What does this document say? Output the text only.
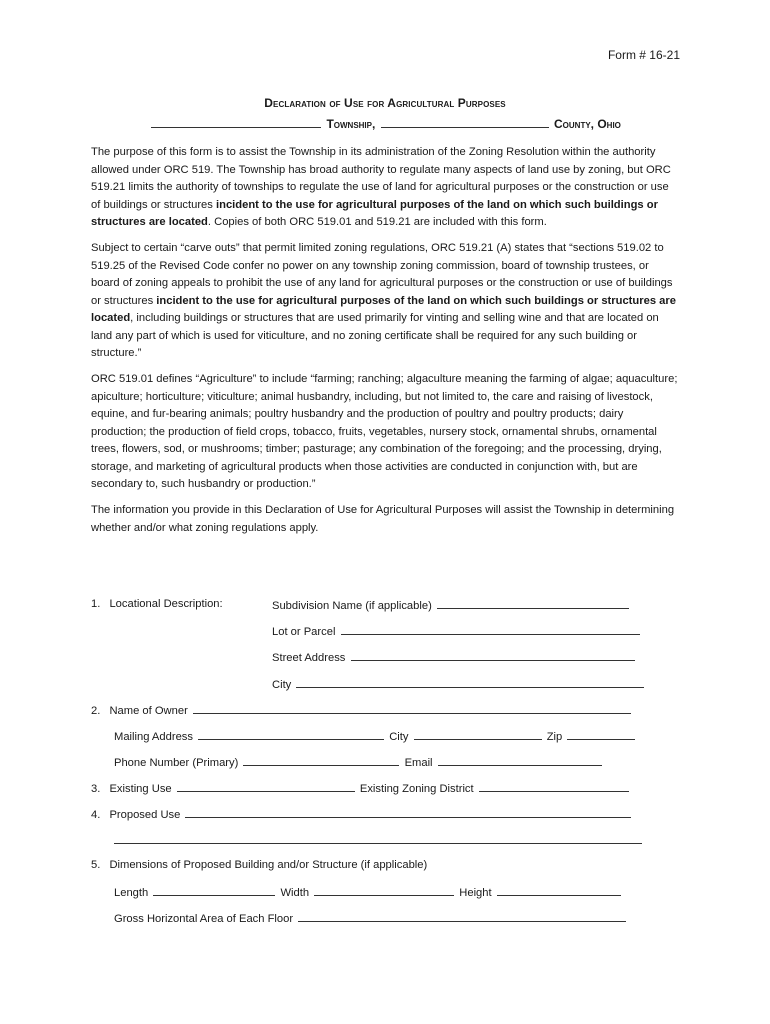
Form # 16-21
Declaration of Use for Agricultural Purposes
Township,	County, Ohio

The purpose of this form is to assist the Township in its administration of the Zoning Resolution within the authority allowed under ORC 519. The Township has broad authority to regulate many aspects of land use by zoning, but ORC 519.21 limits the authority of townships to regulate the use of land for agricultural purposes or the construction or use of buildings or structures incident to the use for agricultural purposes of the land on which such buildings or structures are located. Copies of both ORC 519.01 and 519.21 are included with this form.

Subject to certain “carve outs” that permit limited zoning regulations, ORC 519.21 (A) states that “sections 519.02 to 519.25 of the Revised Code confer no power on any township zoning commission, board of township trustees, or board of zoning appeals to prohibit the use of any land for agricultural purposes or the construction or use of buildings or structures incident to the use for agricultural purposes of the land on which such buildings or structures are located, including buildings or structures that are used primarily for vinting and selling wine and that are located on land any part of which is used for viticulture, and no zoning certificate shall be required for any such building or structure.”

ORC 519.01 defines “Agriculture” to include “farming; ranching; algaculture meaning the farming of algae; aquaculture; apiculture; horticulture; viticulture; animal husbandry, including, but not limited to, the care and raising of livestock, equine, and fur-bearing animals; poultry husbandry and the production of poultry and poultry products; dairy production; the production of field crops, tobacco, fruits, vegetables, nursery stock, ornamental shrubs, ornamental trees, flowers, sod, or mushrooms; timber; pasturage; any combination of the foregoing; and the processing, drying, storage, and marketing of agricultural products when those activities are conducted in conjunction with, but are secondary to, such husbandry or production.”

The information you provide in this Declaration of Use for Agricultural Purposes will assist the Township in determining whether and/or what zoning regulations apply.

1. Locational Description:	Subdivision Name (if applicable)
Lot or Parcel
Street Address
City
2. Name of Owner
Mailing Address	City	Zip
Phone Number (Primary)	Email
3. Existing Use	Existing Zoning District
4. Proposed Use
5. Dimensions of Proposed Building and/or Structure (if applicable)
Length	Width	Height
Gross Horizontal Area of Each Floor
